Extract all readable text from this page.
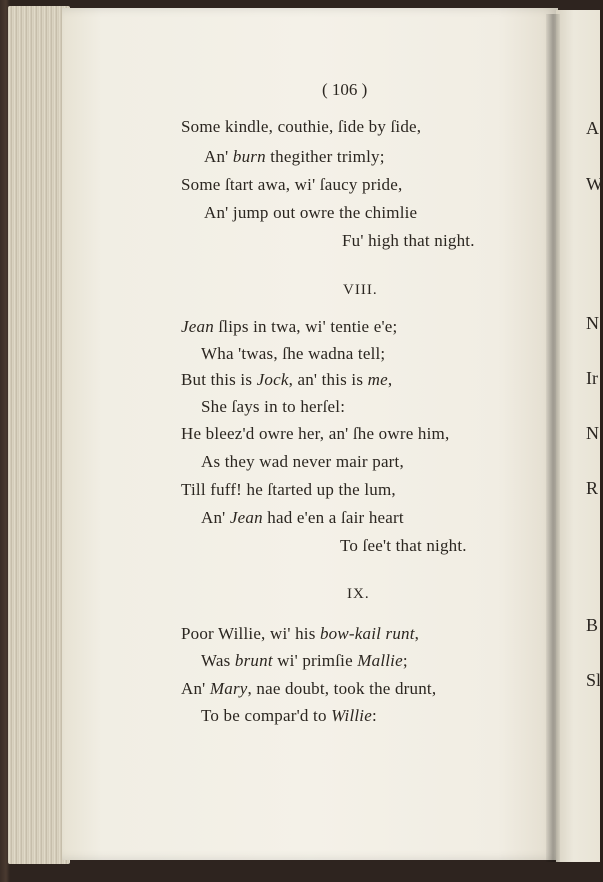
( 106 )
Some kindle, couthie, ſide by ſide,
An' burn thegither trimly;
Some ſtart awa, wi' ſaucy pride,
An' jump out owre the chimlie
Fu' high that night.
VIII.
Jean ſlips in twa, wi' tentie e'e;
Wha 'twas, ſhe wadna tell;
But this is Jock, an' this is me,
She ſays in to herſel:
He bleez'd owre her, an' ſhe owre him,
As they wad never mair part,
Till fuff! he ſtarted up the lum,
An' Jean had e'en a ſair heart
To ſee't that night.
IX.
Poor Willie, wi' his bow-kail runt,
Was brunt wi' primſie Mallie;
An' Mary, nae doubt, took the drunt,
To be compar'd to Willie:
A
W
N
Ir
N
R
B
Sl
